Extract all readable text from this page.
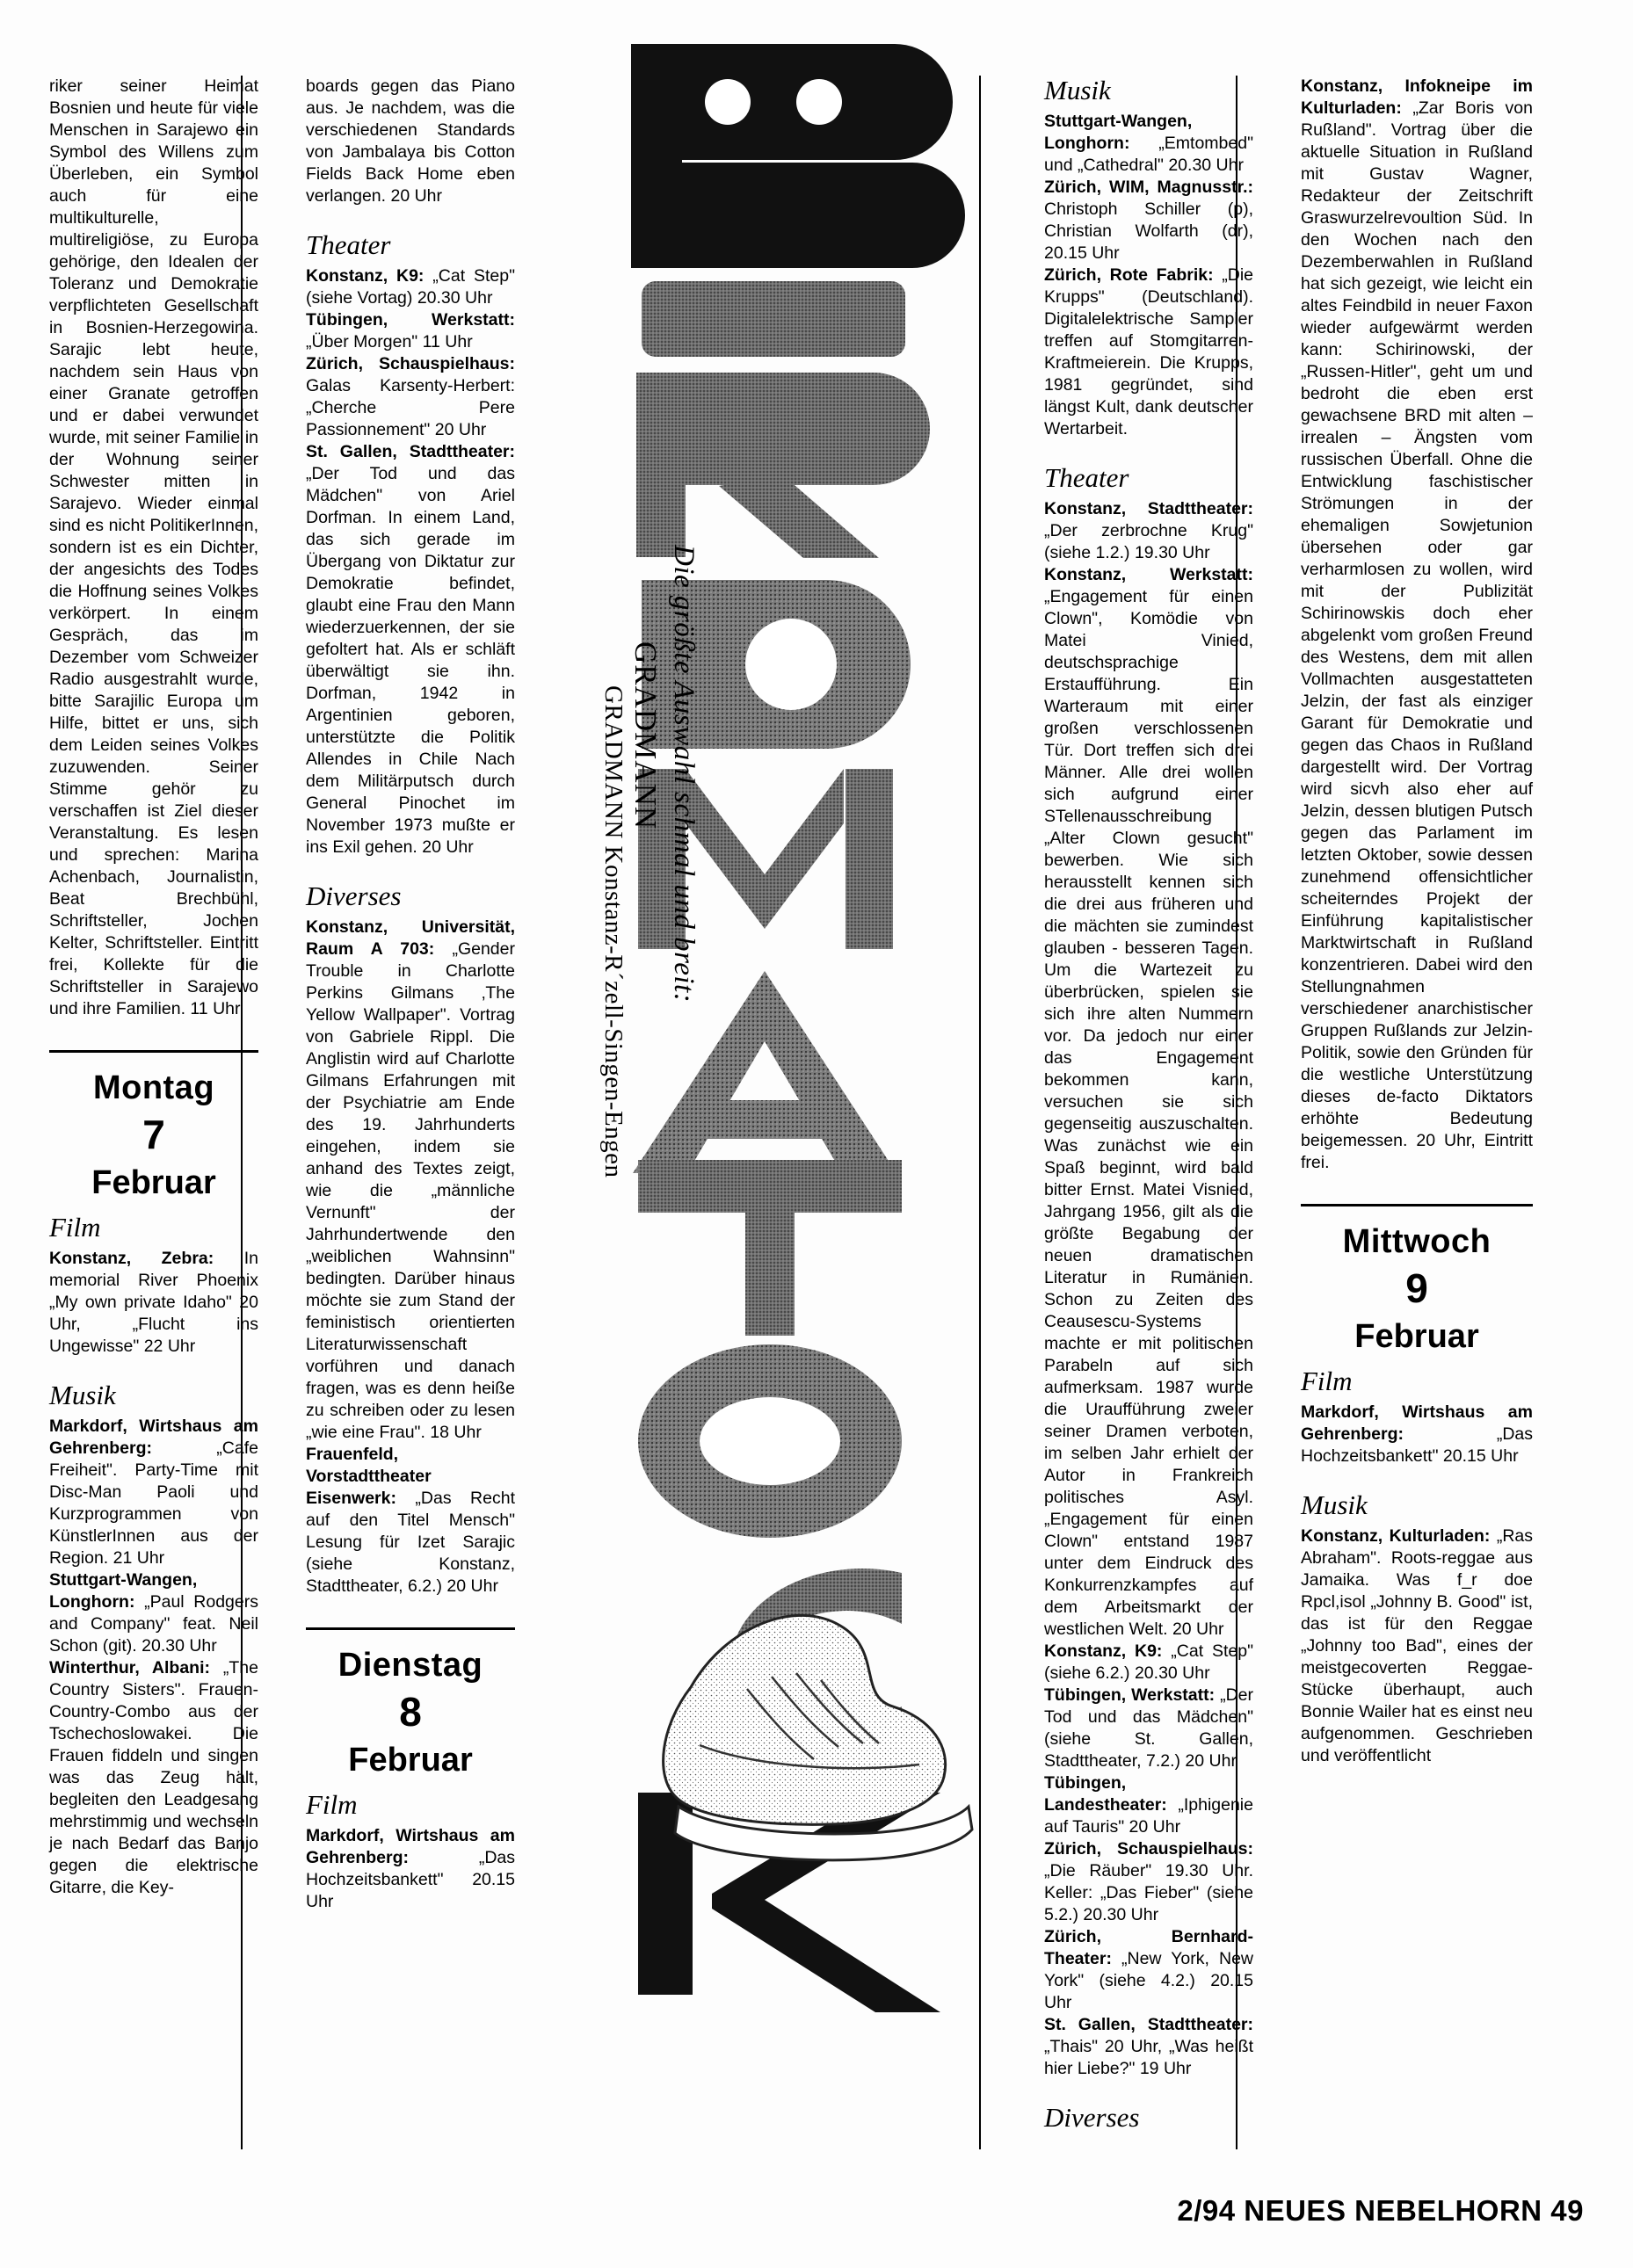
Die größte Auswahl schmal und breit:
GRADMANN
GRADMANN Konstanz-R´zell-Singen-Engen

riker seiner Heimat Bosnien und heute für viele Menschen in Sarajewo ein Symbol des Willens zum Überleben, ein Symbol auch für eine multikulturelle, multireligiöse, zu Europa gehörige, den Idealen der Toleranz und Demokratie verpflichteten Gesellschaft in Bosnien-Herzegowina. Sarajic lebt heute, nachdem sein Haus von einer Granate getroffen und er dabei verwundet wurde, mit seiner Familie in der Wohnung seiner Schwester mitten in Sarajevo. Wieder einmal sind es nicht PolitikerInnen, sondern ist es ein Dichter, der angesichts des Todes die Hoffnung seines Volkes verkörpert. In einem Gespräch, das im Dezember vom Schweizer Radio ausgestrahlt wurde, bitte Sarajilic Europa um Hilfe, bittet er uns, sich dem Leiden seines Volkes zuzuwenden. Seiner Stimme gehör zu verschaffen ist Ziel dieser Veranstaltung. Es lesen und sprechen: Marina Achenbach, Journalistin, Beat Brechbühl, Schriftsteller, Jochen Kelter, Schriftsteller. Eintritt frei, Kollekte für die Schriftsteller in Sarajewo und ihre Familien. 11 Uhr

Montag
7
Februar
Film

Konstanz, Zebra: In memorial River Phoenix „My own private Idaho" 20 Uhr, „Flucht ins Ungewisse" 22 Uhr

Musik

Markdorf, Wirtshaus am Gehrenberg: „Cafe Freiheit". Party-Time mit Disc-Man Paoli und Kurzprogrammen von KünstlerInnen aus der Region. 21 Uhr

Stuttgart-Wangen, Longhorn: „Paul Rodgers and Company" feat. Neil Schon (git). 20.30 Uhr

Winterthur, Albani: „The Country Sisters". Frauen-Country-Combo aus der Tschechoslowakei. Die Frauen fiddeln und singen was das Zeug hält, begleiten den Leadgesang mehrstimmig und wechseln je nach Bedarf das Banjo gegen die elektrische Gitarre, die Key-

boards gegen das Piano aus. Je nachdem, was die verschiedenen Standards von Jambalaya bis Cotton Fields Back Home eben verlangen. 20 Uhr

Theater

Konstanz, K9: „Cat Step" (siehe Vortag) 20.30 Uhr

Tübingen, Werkstatt: „Über Morgen" 11 Uhr

Zürich, Schauspielhaus: Galas Karsenty-Herbert: „Cherche Pere Passionnement" 20 Uhr

St. Gallen, Stadttheater: „Der Tod und das Mädchen" von Ariel Dorfman. In einem Land, das sich gerade im Übergang von Diktatur zur Demokratie befindet, glaubt eine Frau den Mann wiederzuerkennen, der sie gefoltert hat. Als er schläft überwältigt sie ihn. Dorfman, 1942 in Argentinien geboren, unterstützte die Politik Allendes in Chile Nach dem Militärputsch durch General Pinochet im November 1973 mußte er ins Exil gehen. 20 Uhr

Diverses

Konstanz, Universität, Raum A 703: „Gender Trouble in Charlotte Perkins Gilmans ‚The Yellow Wallpaper". Vortrag von Gabriele Rippl. Die Anglistin wird auf Charlotte Gilmans Erfahrungen mit der Psychiatrie am Ende des 19. Jahrhunderts eingehen, indem sie anhand des Textes zeigt, wie die „männliche Vernunft" der Jahrhundertwende den „weiblichen Wahnsinn" bedingten. Darüber hinaus möchte sie zum Stand der feministisch orientierten Literaturwissenschaft vorführen und danach fragen, was es denn heiße zu schreiben oder zu lesen „wie eine Frau". 18 Uhr

Frauenfeld, Vorstadttheater Eisenwerk: „Das Recht auf den Titel Mensch" Lesung für Izet Sarajic (siehe Konstanz, Stadttheater, 6.2.) 20 Uhr

Dienstag
8
Februar
Film

Markdorf, Wirtshaus am Gehrenberg: „Das Hochzeitsbankett" 20.15 Uhr

Musik

Stuttgart-Wangen, Longhorn: „Emtombed" und „Cathedral" 20.30 Uhr

Zürich, WIM, Magnusstr.: Christoph Schiller (p), Christian Wolfarth (dr), 20.15 Uhr

Zürich, Rote Fabrik: „Die Krupps" (Deutschland). Digitalelektrische Sampler treffen auf Stomgitarren-Kraftmeierein. Die Krupps, 1981 gegründet, sind längst Kult, dank deutscher Wertarbeit.

Theater

Konstanz, Stadttheater: „Der zerbrochne Krug" (siehe 1.2.) 19.30 Uhr

Konstanz, Werkstatt: „Engagement für einen Clown", Komödie von Matei Vinied, deutschsprachige Erstaufführung. Ein Warteraum mit einer großen verschlossenen Tür. Dort treffen sich drei Männer. Alle drei wollen sich aufgrund einer STellenausschreibung „Alter Clown gesucht" bewerben. Wie sich herausstellt kennen sich die drei aus früheren und die mächten sie zumindest glauben - besseren Tagen. Um die Wartezeit zu überbrücken, spielen sie sich ihre alten Nummern vor. Da jedoch nur einer das Engagement bekommen kann, versuchen sie sich gegenseitig auszuschalten. Was zunächst wie ein Spaß beginnt, wird bald bitter Ernst. Matei Visnied, Jahrgang 1956, gilt als die größte Begabung der neuen dramatischen Literatur in Rumänien. Schon zu Zeiten des Ceausescu-Systems machte er mit politischen Parabeln auf sich aufmerksam. 1987 wurde die Uraufführung zweier seiner Dramen verboten, im selben Jahr erhielt der Autor in Frankreich politisches Asyl. „Engagement für einen Clown" entstand 1987 unter dem Eindruck des Konkurrenzkampfes auf dem Arbeitsmarkt der westlichen Welt. 20 Uhr

Konstanz, K9: „Cat Step" (siehe 6.2.) 20.30 Uhr

Tübingen, Werkstatt: „Der Tod und das Mädchen" (siehe St. Gallen, Stadttheater, 7.2.) 20 Uhr

Tübingen, Landestheater: „Iphigenie auf Tauris" 20 Uhr

Zürich, Schauspielhaus: „Die Räuber" 19.30 Uhr. Keller: „Das Fieber" (siehe 5.2.) 20.30 Uhr

Zürich, Bernhard-Theater: „New York, New York" (siehe 4.2.) 20.15 Uhr

St. Gallen, Stadttheater: „Thais" 20 Uhr, „Was heißt hier Liebe?" 19 Uhr

Diverses

Konstanz, Infokneipe im Kulturladen: „Zar Boris von Rußland". Vortrag über die aktuelle Situation in Rußland mit Gustav Wagner, Redakteur der Zeitschrift Graswurzelrevoultion Süd. In den Wochen nach den Dezemberwahlen in Rußland hat sich gezeigt, wie leicht ein altes Feindbild in neuer Faxon wieder aufgewärmt werden kann: Schirinowski, der „Russen-Hitler", geht um und bedroht die eben erst gewachsene BRD mit alten – irrealen – Ängsten vom russischen Überfall. Ohne die Entwicklung faschistischer Strömungen in der ehemaligen Sowjetunion übersehen oder gar verharmlosen zu wollen, wird mit der Publizität Schirinowskis doch eher abgelenkt vom großen Freund des Westens, dem mit allen Vollmachten ausgestatteten Jelzin, der fast als einziger Garant für Demokratie und gegen das Chaos in Rußland dargestellt wird. Der Vortrag wird sicvh also eher auf Jelzin, dessen blutigen Putsch gegen das Parlament im letzten Oktober, sowie dessen zunehmend offensichtlicher scheiterndes Projekt der Einführung kapitalistischer Marktwirtschaft in Rußland konzentrieren. Dabei wird den Stellungnahmen verschiedener anarchistischer Gruppen Rußlands zur Jelzin-Politik, sowie den Gründen für die westliche Unterstützung dieses de-facto Diktators erhöhte Bedeutung beigemessen. 20 Uhr, Eintritt frei.

Mittwoch
9
Februar
Film

Markdorf, Wirtshaus am Gehrenberg: „Das Hochzeitsbankett" 20.15 Uhr

Musik

Konstanz, Kulturladen: „Ras Abraham". Roots-reggae aus Jamaika. Was f_r doe Rpcl,isol „Johnny B. Good" ist, das ist für den Reggae „Johnny too Bad", eines der meistgecoverten Reggae-Stücke überhaupt, auch Bonnie Wailer hat es einst neu aufgenommen. Geschrieben und veröffentlicht

2/94 NEUES NEBELHORN 49
